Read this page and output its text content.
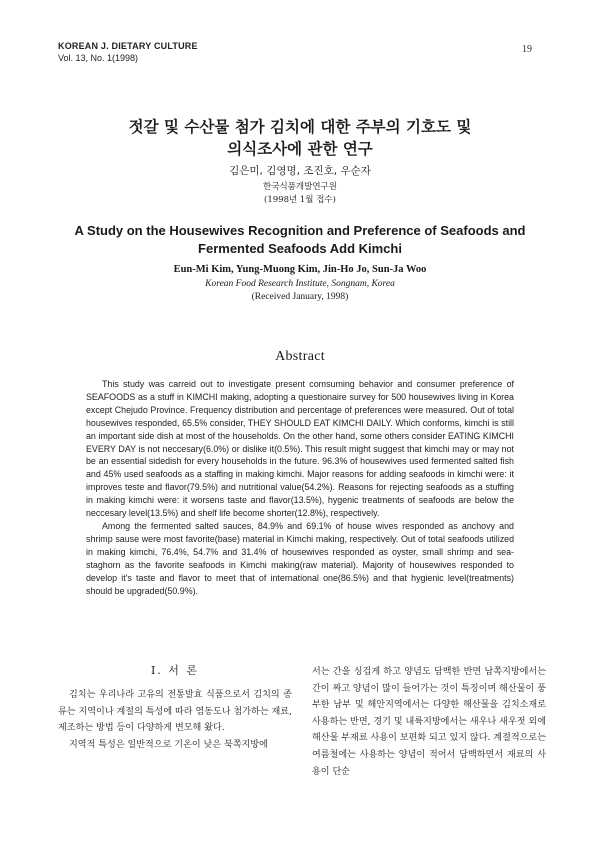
KOREAN J. DIETARY CULTURE
Vol. 13, No. 1(1998)
19
젓갈 및 수산물 첨가 김치에 대한 주부의 기호도 및
의식조사에 관한 연구
김은미, 김영명, 조진호, 우순자
한국식품개발연구원
(1998년 1월 접수)
A Study on the Housewives Recognition and Preference of Seafoods and
Fermented Seafoods Add Kimchi
Eun-Mi Kim, Yung-Muong Kim, Jin-Ho Jo, Sun-Ja Woo
Korean Food Research Institute, Songnam, Korea
(Received January, 1998)
Abstract

This study was carreid out to investigate present comsuming behavior and consumer preference of SEAFOODS as a stuff in KIMCHI making, adopting a questionaire survey for 500 housewives living in Korea except Chejudo Province. Frequency distribution and percentage of preferences were measured. Out of total housewives responded, 65.5% consider, THEY SHOULD EAT KIMCHI DAILY. Which conforms, kimchi is still an important side dish at most of the households. On the other hand, some others consider EATING KIMCHI EVERY DAY is not neccesary(6.0%) or dislike it(0.5%). This result might suggest that kimchi may or may not be an essential sidedish for every households in the future. 96.3% of housewives used fermented salted fish and 45% used seafoods as a staffing in making kimchi. Major reasons for adding seafoods in kimchi were: it improves teste and flavor(79.5%) and nutritional value(54.2%). Reasons for rejecting seafoods as a stuffing in making kimchi were: it worsens taste and flavor(13.5%), hygenic treatments of seafoods are below the neccesary level(13.5%) and shelf life become shorter(12.8%), respectively.

Among the fermented salted sauces, 84.9% and 69.1% of house wives responded as anchovy and shrimp sause were most favorite(base) material in Kimchi making, respectively. Out of total seafoods utilized in making kimchi, 76.4%, 54.7% and 31.4% of housewives responded as oyster, small shrimp and sea-staghorn as the favorite seafoods in Kimchi making(raw material). Majority of housewives responded to develop it's taste and flavor to meet that of international one(86.5%) and that hygienic level(treatments) should be upgraded(50.9%).

I. 서 론

김치는 우리나라 고유의 전통발효 식품으로서 김치의 종류는 지역이나 계절의 특성에 따라 염동도나 첨가하는 재료, 제조하는 방법 등이 다양하게 변모해 왔다.

지역적 특성은 일반적으로 기온이 낮은 북쪽지방에

서는 간을 싱겁게 하고 양념도 담백한 반면 남쪽지방에서는 간이 짜고 양념이 많이 들어가는 것이 특징이며 해산물이 풍부한 남부 및 해안지역에서는 다양한 해산물을 김치소재로 사용하는 반면, 경기 및 내륙지방에서는 새우나 새우젓 외에 해산물 부재료 사용이 보편화 되고 있지 않다. 계절적으로는 여름철에는 사용하는 양념이 적어서 담백하면서 재료의 사용이 단순
